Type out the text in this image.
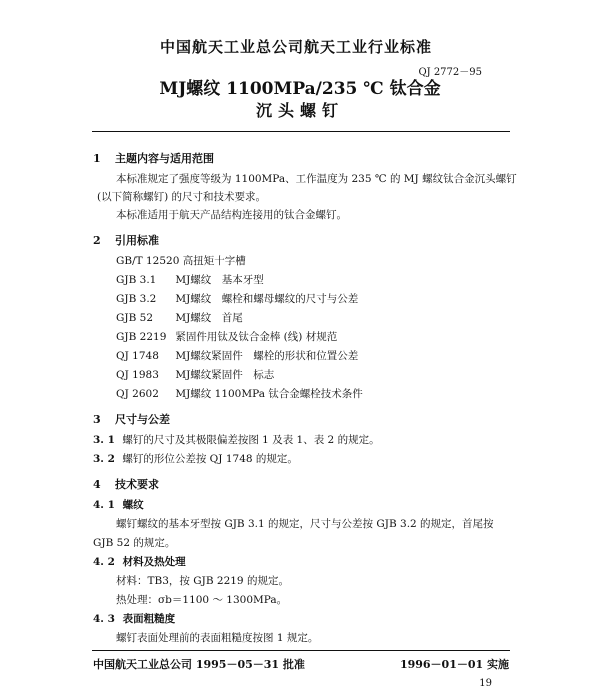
中国航天工业总公司航天工业行业标准
QJ 2772－95
MJ螺纹 1100MPa/235 ℃ 钛合金
沉头螺钉
1 主题内容与适用范围
本标准规定了强度等级为 1100MPa、工作温度为 235 ℃ 的 MJ 螺纹钛合金沉头螺钉
(以下简称螺钉) 的尺寸和技术要求。
本标准适用于航天产品结构连接用的钛合金螺钉。
2 引用标准
GB/T 12520 高扭矩十字槽
GJB 3.1 MJ螺纹　基本牙型
GJB 3.2 MJ螺纹　螺栓和螺母螺纹的尺寸与公差
GJB 52 MJ螺纹　首尾
GJB 2219 紧固件用钛及钛合金棒 (线) 材规范
QJ 1748 MJ螺纹紧固件　螺栓的形状和位置公差
QJ 1983 MJ螺纹紧固件　标志
QJ 2602 MJ螺纹 1100MPa 钛合金螺栓技术条件
3 尺寸与公差
3. 1 螺钉的尺寸及其极限偏差按图 1 及表 1、表 2 的规定。
3. 2 螺钉的形位公差按 QJ 1748 的规定。
4 技术要求
4. 1 螺纹
螺钉螺纹的基本牙型按 GJB 3.1 的规定，尺寸与公差按 GJB 3.2 的规定，首尾按
GJB 52 的规定。
4. 2 材料及热处理
材料：TB3，按 GJB 2219 的规定。
热处理：σb＝1100 ～ 1300MPa。
4. 3 表面粗糙度
螺钉表面处理前的表面粗糙度按图 1 规定。
中国航天工业总公司 1995－05－31 批准	1996－01－01 实施
19
